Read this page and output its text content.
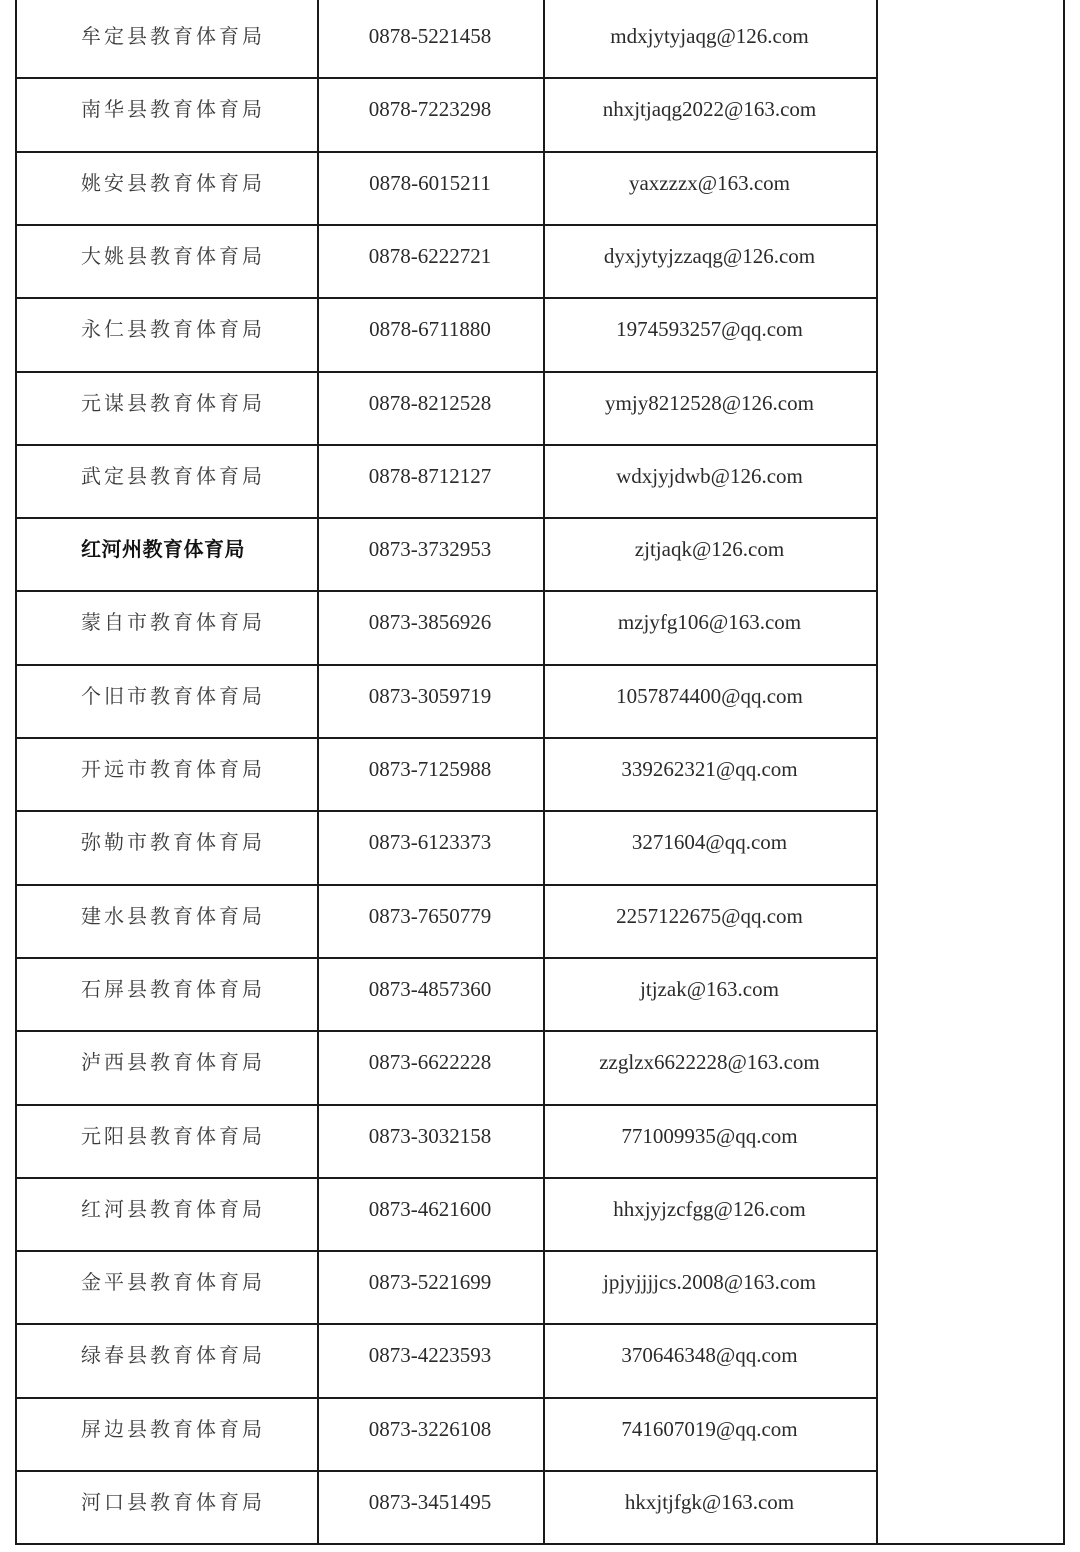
牟定县教育体育局	0878-5221458	mdxjytyjaqg@126.com
南华县教育体育局	0878-7223298	nhxjtjaqg2022@163.com
姚安县教育体育局	0878-6015211	yaxzzzx@163.com
大姚县教育体育局	0878-6222721	dyxjytyjzzaqg@126.com
永仁县教育体育局	0878-6711880	1974593257@qq.com
元谋县教育体育局	0878-8212528	ymjy8212528@126.com
武定县教育体育局	0878-8712127	wdxjyjdwb@126.com
红河州教育体育局	0873-3732953	zjtjaqk@126.com
蒙自市教育体育局	0873-3856926	mzjyfg106@163.com
个旧市教育体育局	0873-3059719	1057874400@qq.com
开远市教育体育局	0873-7125988	339262321@qq.com
弥勒市教育体育局	0873-6123373	3271604@qq.com
建水县教育体育局	0873-7650779	2257122675@qq.com
石屏县教育体育局	0873-4857360	jtjzak@163.com
泸西县教育体育局	0873-6622228	zzglzx6622228@163.com
元阳县教育体育局	0873-3032158	771009935@qq.com
红河县教育体育局	0873-4621600	hhxjyjzcfgg@126.com
金平县教育体育局	0873-5221699	jpjyjjjjcs.2008@163.com
绿春县教育体育局	0873-4223593	370646348@qq.com
屏边县教育体育局	0873-3226108	741607019@qq.com
河口县教育体育局	0873-3451495	hkxjtjfgk@163.com
